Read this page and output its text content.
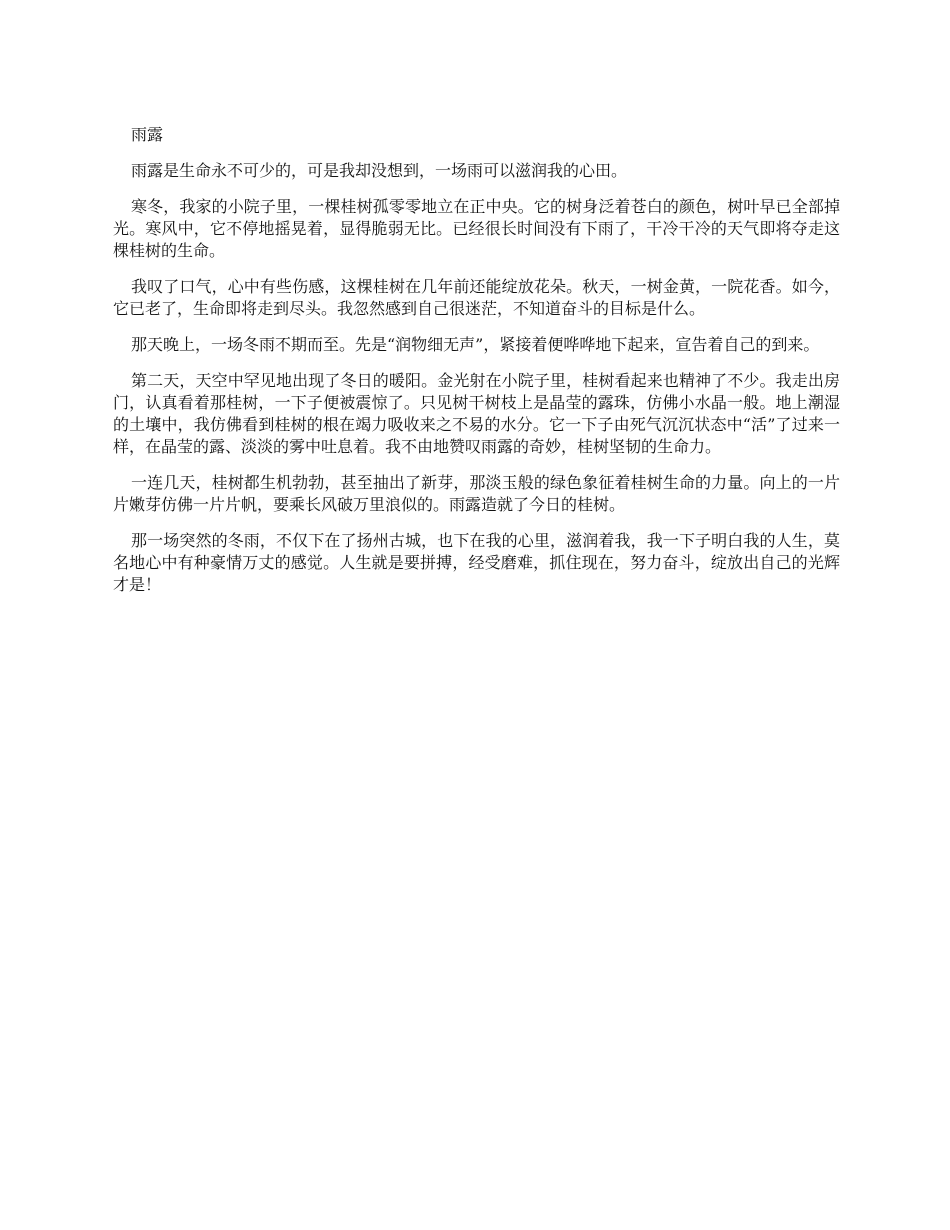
雨露

雨露是生命永不可少的，可是我却没想到，一场雨可以滋润我的心田。

寒冬，我家的小院子里，一棵桂树孤零零地立在正中央。它的树身泛着苍白的颜色，树叶早已全部掉光。寒风中，它不停地摇晃着，显得脆弱无比。已经很长时间没有下雨了，干冷干冷的天气即将夺走这棵桂树的生命。

我叹了口气，心中有些伤感，这棵桂树在几年前还能绽放花朵。秋天，一树金黄，一院花香。如今，它已老了，生命即将走到尽头。我忽然感到自己很迷茫，不知道奋斗的目标是什么。

那天晚上，一场冬雨不期而至。先是“润物细无声”，紧接着便哗哗地下起来，宣告着自己的到来。

第二天，天空中罕见地出现了冬日的暖阳。金光射在小院子里，桂树看起来也精神了不少。我走出房门，认真看着那桂树，一下子便被震惊了。只见树干树枝上是晶莹的露珠，仿佛小水晶一般。地上潮湿的土壤中，我仿佛看到桂树的根在竭力吸收来之不易的水分。它一下子由死气沉沉状态中“活”了过来一样，在晶莹的露、淡淡的雾中吐息着。我不由地赞叹雨露的奇妙，桂树坚韧的生命力。

一连几天，桂树都生机勃勃，甚至抽出了新芽，那淡玉般的绿色象征着桂树生命的力量。向上的一片片嫩芽仿佛一片片帆，要乘长风破万里浪似的。雨露造就了今日的桂树。

那一场突然的冬雨，不仅下在了扬州古城，也下在我的心里，滋润着我，我一下子明白我的人生，莫名地心中有种豪情万丈的感觉。人生就是要拼搏，经受磨难，抓住现在，努力奋斗，绽放出自己的光辉才是！
